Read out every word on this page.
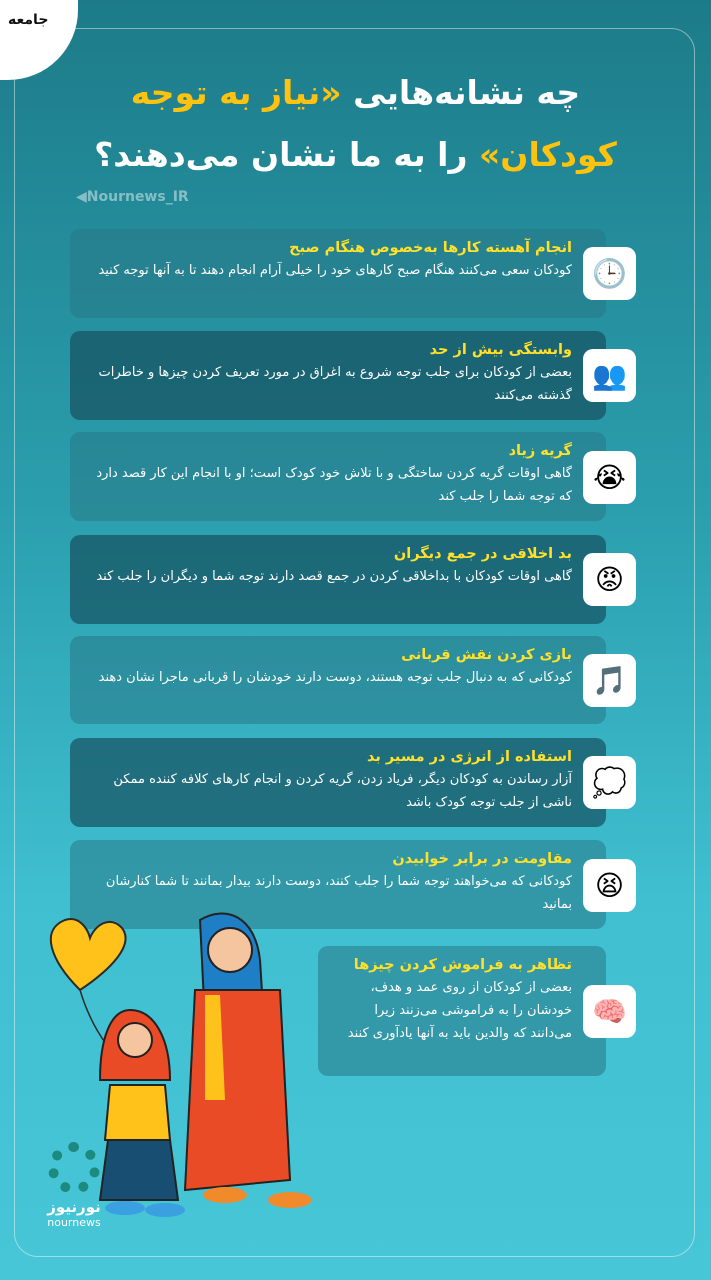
جامعه
چه نشانه‌هایی «نیاز به توجه
کودکان» را به ما نشان می‌دهند؟
◀Nournews_IR
انجام آهسته کارها به‌خصوص هنگام صبح

کودکان سعی می‌کنند هنگام صبح کارهای خود را خیلی آرام انجام دهند تا به آنها توجه کنید 🕒
وابستگی بیش از حد

بعضی از کودکان برای جلب توجه شروع به اغراق در مورد تعریف کردن چیزها و خاطرات گذشته می‌کنند

👥
گریه زیاد

گاهی اوقات گریه کردن ساختگی و با تلاش خود کودک است؛ او با انجام این کار قصد دارد که توجه شما را جلب کند

😭
بد اخلاقی در جمع دیگران

گاهی اوقات کودکان با بداخلاقی کردن در جمع قصد دارند توجه شما و دیگران را جلب کند 😡
بازی کردن نقش قربانی

کودکانی که به دنبال جلب توجه هستند، دوست دارند خودشان را قربانی ماجرا نشان دهند 🎵
استفاده از انرژی در مسیر بد

آزار رساندن به کودکان دیگر، فریاد زدن، گریه کردن و انجام کارهای کلافه کننده ممکن ناشی از جلب توجه کودک باشد

💭
مقاومت در برابر خوابیدن

کودکانی که می‌خواهند توجه شما را جلب کنند، دوست دارند بیدار بمانند تا شما کنارشان بمانید

😫
تظاهر به فراموش کردن چیزها

بعضی از کودکان از روی عمد و هدف، خودشان را به فراموشی می‌زنند زیرا می‌دانند که والدین باید به آنها یادآوری کنند

🧠
نورنیوز
nournews
